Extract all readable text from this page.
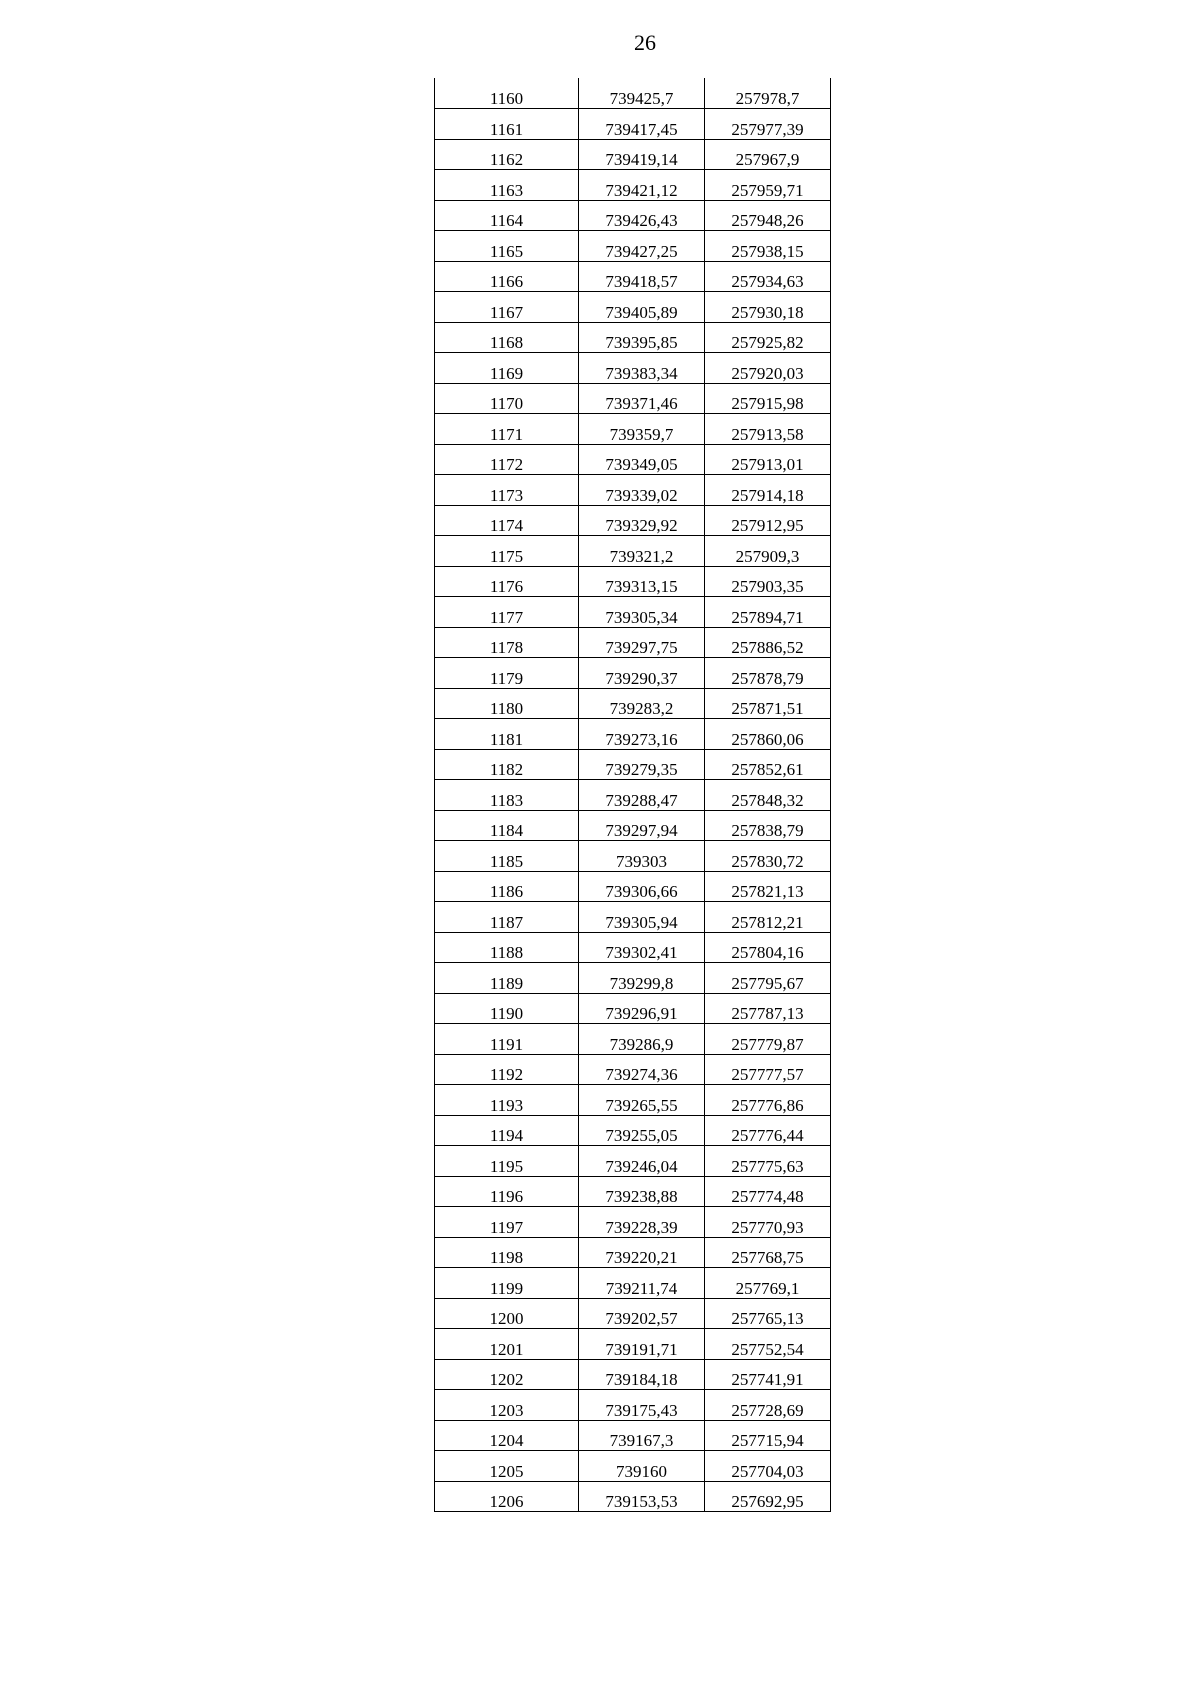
26
1160	739425,7	257978,7
1161	739417,45	257977,39
1162	739419,14	257967,9
1163	739421,12	257959,71
1164	739426,43	257948,26
1165	739427,25	257938,15
1166	739418,57	257934,63
1167	739405,89	257930,18
1168	739395,85	257925,82
1169	739383,34	257920,03
1170	739371,46	257915,98
1171	739359,7	257913,58
1172	739349,05	257913,01
1173	739339,02	257914,18
1174	739329,92	257912,95
1175	739321,2	257909,3
1176	739313,15	257903,35
1177	739305,34	257894,71
1178	739297,75	257886,52
1179	739290,37	257878,79
1180	739283,2	257871,51
1181	739273,16	257860,06
1182	739279,35	257852,61
1183	739288,47	257848,32
1184	739297,94	257838,79
1185	739303	257830,72
1186	739306,66	257821,13
1187	739305,94	257812,21
1188	739302,41	257804,16
1189	739299,8	257795,67
1190	739296,91	257787,13
1191	739286,9	257779,87
1192	739274,36	257777,57
1193	739265,55	257776,86
1194	739255,05	257776,44
1195	739246,04	257775,63
1196	739238,88	257774,48
1197	739228,39	257770,93
1198	739220,21	257768,75
1199	739211,74	257769,1
1200	739202,57	257765,13
1201	739191,71	257752,54
1202	739184,18	257741,91
1203	739175,43	257728,69
1204	739167,3	257715,94
1205	739160	257704,03
1206	739153,53	257692,95
